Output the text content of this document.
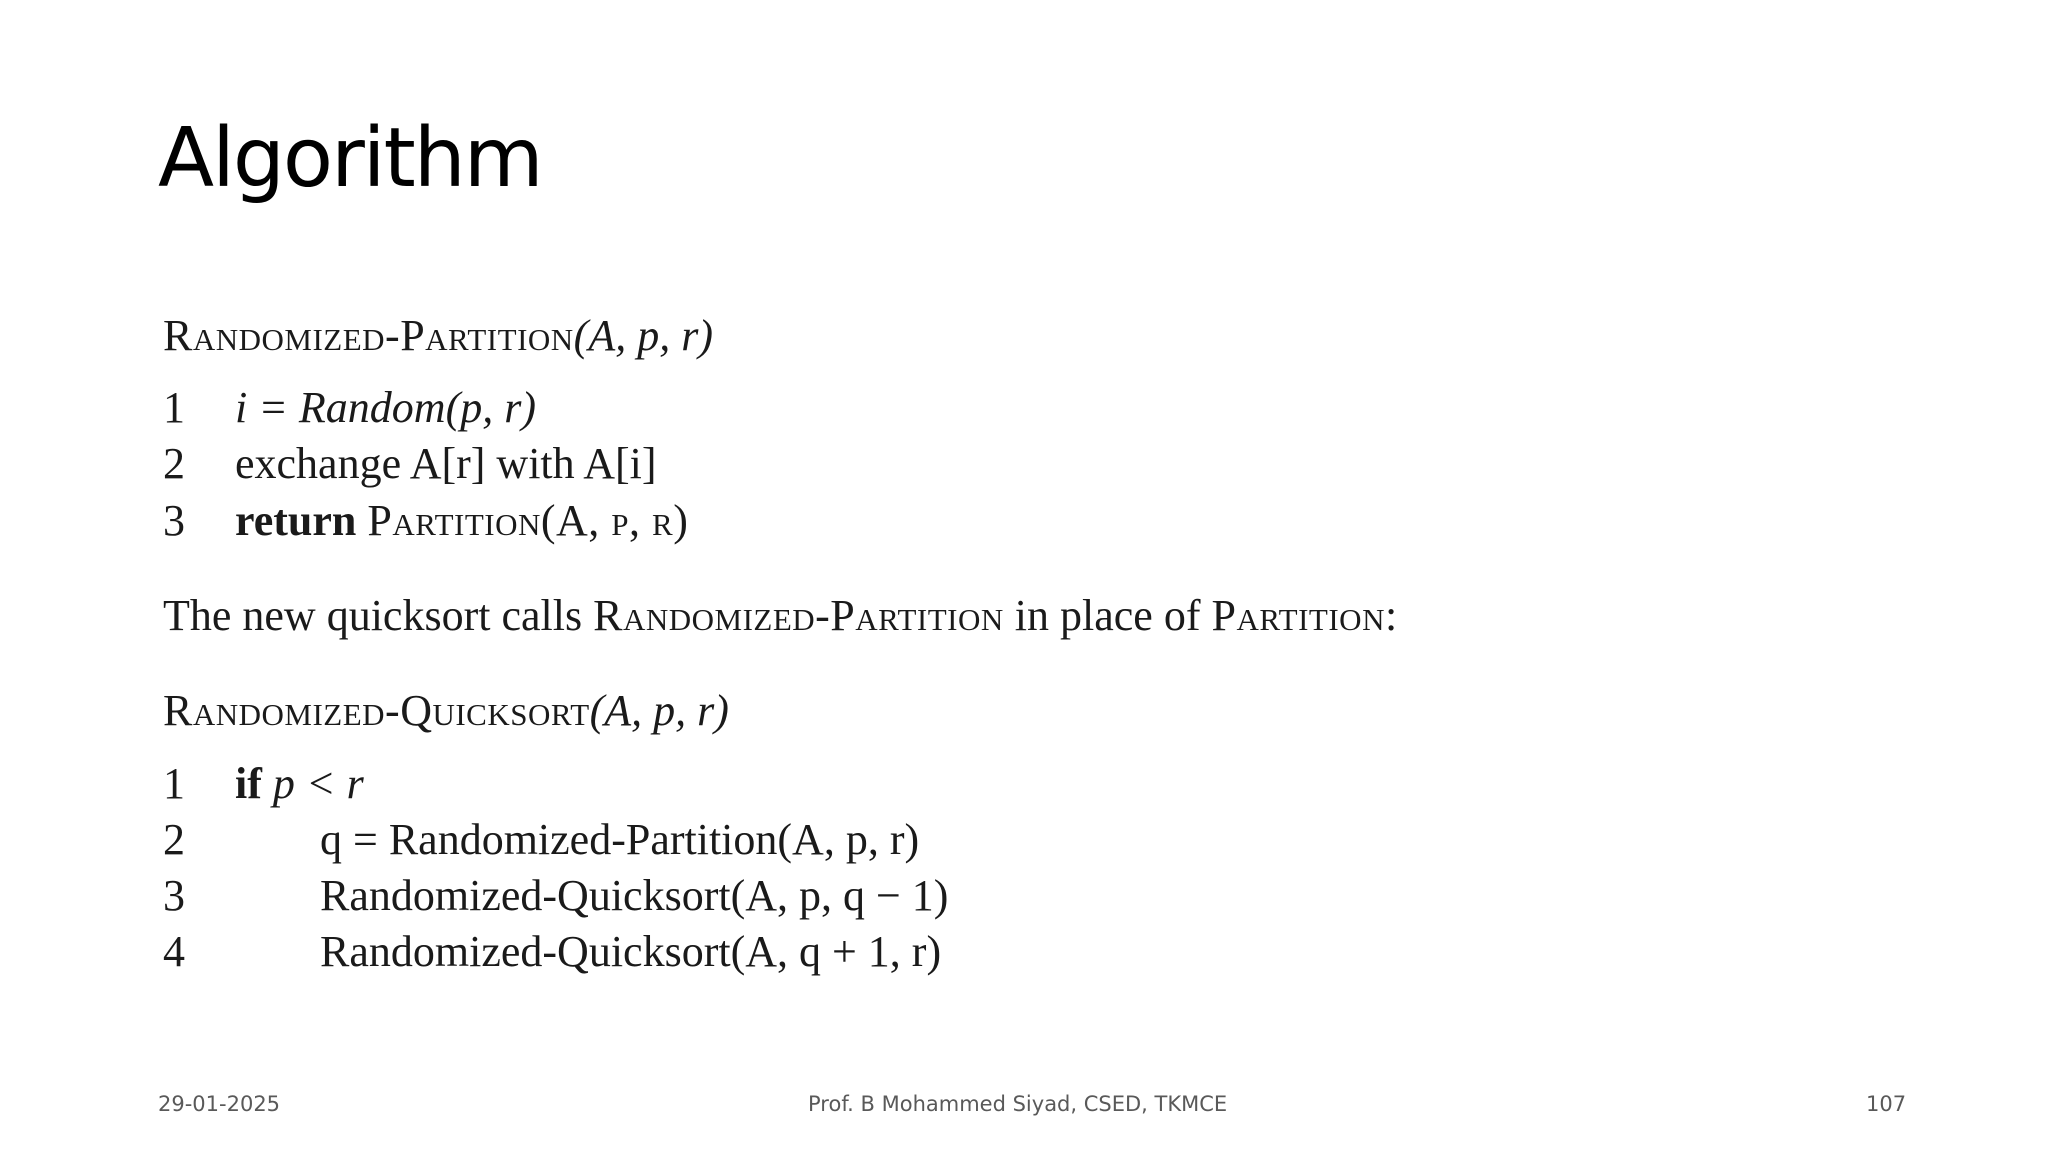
Algorithm
Randomized-Partition(A, p, r)
1	i = Random(p, r)
2	exchange A[r] with A[i]
3	return Partition(A, p, r)
The new quicksort calls Randomized-Partition in place of Partition:
Randomized-Quicksort(A, p, r)
1	if p < r
2	q = Randomized-Partition(A, p, r)
3	Randomized-Quicksort(A, p, q − 1)
4	Randomized-Quicksort(A, q + 1, r)
29-01-2025	Prof. B Mohammed Siyad, CSED, TKMCE	107
